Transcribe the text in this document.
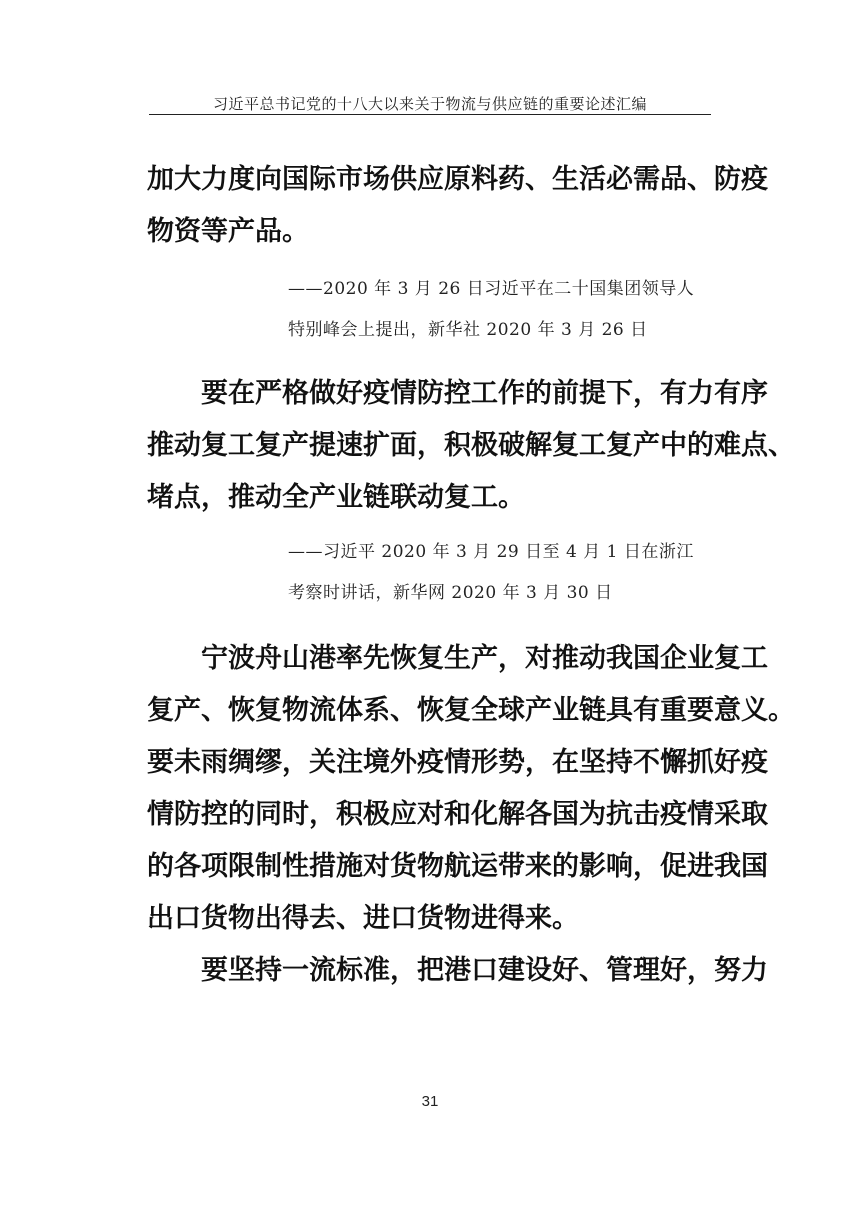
习近平总书记党的十八大以来关于物流与供应链的重要论述汇编
加大力度向国际市场供应原料药、生活必需品、防疫
物资等产品。
——2020 年 3 月 26 日习近平在二十国集团领导人
特别峰会上提出，新华社 2020 年 3 月 26 日
要在严格做好疫情防控工作的前提下，有力有序
推动复工复产提速扩面，积极破解复工复产中的难点、
堵点，推动全产业链联动复工。
——习近平 2020 年 3 月 29 日至 4 月 1 日在浙江
考察时讲话，新华网 2020 年 3 月 30 日
宁波舟山港率先恢复生产，对推动我国企业复工
复产、恢复物流体系、恢复全球产业链具有重要意义。
要未雨绸缪，关注境外疫情形势，在坚持不懈抓好疫
情防控的同时，积极应对和化解各国为抗击疫情采取
的各项限制性措施对货物航运带来的影响，促进我国
出口货物出得去、进口货物进得来。
要坚持一流标准，把港口建设好、管理好，努力
31
